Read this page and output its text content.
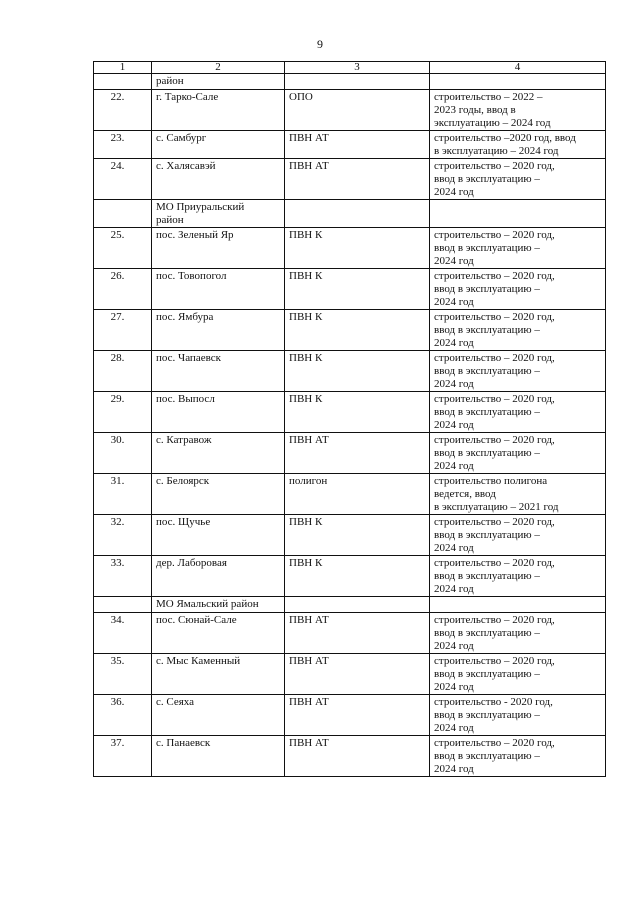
9
1	2	3	4
	район		
22.	г. Тарко-Сале	ОПО	строительство – 2022 –
2023 годы, ввод в
эксплуатацию – 2024 год
23.	с. Самбург	ПВН АТ	строительство –2020 год, ввод
в эксплуатацию – 2024 год
24.	с. Халясавэй	ПВН АТ	строительство – 2020 год,
ввод в эксплуатацию –
2024 год
	МО Приуральский
район		
25.	пос. Зеленый Яр	ПВН К	строительство – 2020 год,
ввод в эксплуатацию –
2024 год
26.	пос. Товопогол	ПВН К	строительство – 2020 год,
ввод в эксплуатацию –
2024 год
27.	пос. Ямбура	ПВН К	строительство – 2020 год,
ввод в эксплуатацию –
2024 год
28.	пос. Чапаевск	ПВН К	строительство – 2020 год,
ввод в эксплуатацию –
2024 год
29.	пос. Выпосл	ПВН К	строительство – 2020 год,
ввод в эксплуатацию –
2024 год
30.	с. Катравож	ПВН АТ	строительство – 2020 год,
ввод в эксплуатацию –
2024 год
31.	с. Белоярск	полигон	строительство полигона
ведется, ввод
в эксплуатацию – 2021 год
32.	пос. Щучье	ПВН К	строительство – 2020 год,
ввод в эксплуатацию –
2024 год
33.	дер. Лаборовая	ПВН К	строительство – 2020 год,
ввод в эксплуатацию –
2024 год
	МО Ямальский район		
34.	пос. Сюнай-Сале	ПВН АТ	строительство – 2020 год,
ввод в эксплуатацию –
2024 год
35.	с. Мыс Каменный	ПВН АТ	строительство – 2020 год,
ввод в эксплуатацию –
2024 год
36.	с. Сеяха	ПВН АТ	строительство - 2020 год,
ввод в эксплуатацию –
2024 год
37.	с. Панаевск	ПВН АТ	строительство – 2020 год,
ввод в эксплуатацию –
2024 год
